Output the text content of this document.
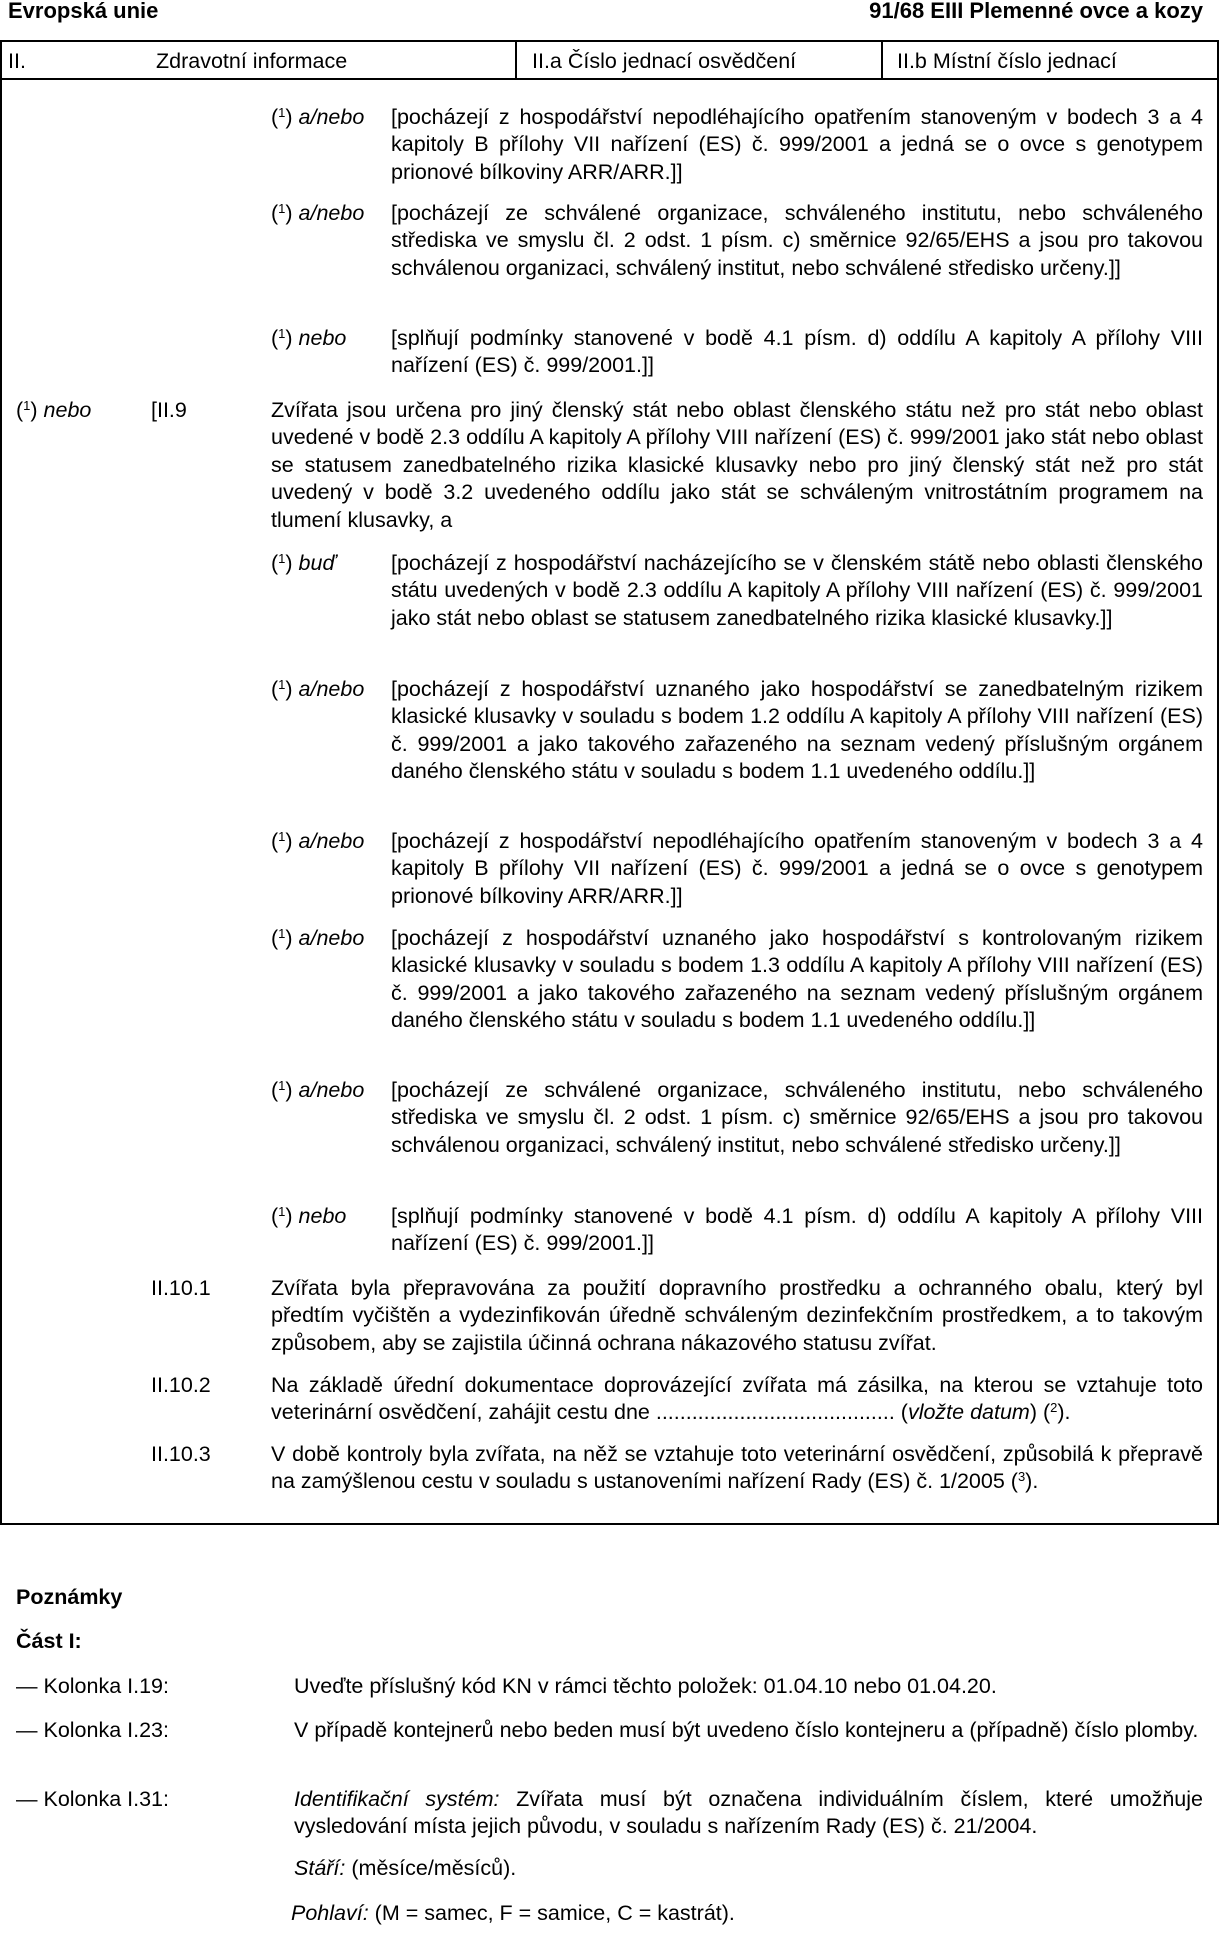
Evropská unie	91/68 EIII Plemenné ovce a kozy
II.	Zdravotní informace	II.a Číslo jednací osvědčení	II.b Místní číslo jednací
($^1$) a/nebo [pocházejí z hospodářství nepodléhajícího opatřením stanoveným v bodech 3 a 4 kapitoly B přílohy VII nařízení (ES) č. 999/2001 a jedná se o ovce s genotypem prionové bílkoviny ARR/ARR.]]
($^1$) a/nebo [pocházejí ze schválené organizace, schváleného institutu, nebo schváleného střediska ve smyslu čl. 2 odst. 1 písm. c) směrnice 92/65/EHS a jsou pro takovou schválenou organizaci, schválený institut, nebo schválené středisko určeny.]]
($^1$) nebo [splňují podmínky stanovené v bodě 4.1 písm. d) oddílu A kapitoly A přílohy VIII nařízení (ES) č. 999/2001.]]
($^1$) nebo	[II.9	Zvířata jsou určena pro jiný členský stát nebo oblast členského státu než pro stát nebo oblast uvedené v bodě 2.3 oddílu A kapitoly A přílohy VIII nařízení (ES) č. 999/2001 jako stát nebo oblast se statusem zanedbatelného rizika klasické klusavky nebo pro jiný členský stát než pro stát uvedený v bodě 3.2 uvedeného oddílu jako stát se schváleným vnitrostátním programem na tlumení klusavky, a
($^1$) buď	[pocházejí z hospodářství nacházejícího se v členském státě nebo oblasti členského státu uvedených v bodě 2.3 oddílu A kapitoly A přílohy VIII nařízení (ES) č. 999/2001 jako stát nebo oblast se statusem zanedbatelného rizika klasické klusavky.]]
($^1$) a/nebo [pocházejí z hospodářství uznaného jako hospodářství se zanedbatelným rizikem klasické klusavky v souladu s bodem 1.2 oddílu A kapitoly A přílohy VIII nařízení (ES) č. 999/2001 a jako takového zařazeného na seznam vedený příslušným orgánem daného členského státu v souladu s bodem 1.1 uvedeného oddílu.]]
($^1$) a/nebo [pocházejí z hospodářství nepodléhajícího opatřením stanoveným v bodech 3 a 4 kapitoly B přílohy VII nařízení (ES) č. 999/2001 a jedná se o ovce s genotypem prionové bílkoviny ARR/ARR.]]
($^1$) a/nebo [pocházejí z hospodářství uznaného jako hospodářství s kontrolovaným rizikem klasické klusavky v souladu s bodem 1.3 oddílu A kapitoly A přílohy VIII nařízení (ES) č. 999/2001 a jako takového zařazeného na seznam vedený příslušným orgánem daného členského státu v souladu s bodem 1.1 uvedeného oddílu.]]
($^1$) a/nebo [pocházejí ze schválené organizace, schváleného institutu, nebo schváleného střediska ve smyslu čl. 2 odst. 1 písm. c) směrnice 92/65/EHS a jsou pro takovou schválenou organizaci, schválený institut, nebo schválené středisko určeny.]]
($^1$) nebo [splňují podmínky stanovené v bodě 4.1 písm. d) oddílu A kapitoly A přílohy VIII nařízení (ES) č. 999/2001.]]
II.10.1	Zvířata byla přepravována za použití dopravního prostředku a ochranného obalu, který byl předtím vyčištěn a vydezinfikován úředně schváleným dezinfekčním prostředkem, a to takovým způsobem, aby se zajistila účinná ochrana nákazového statusu zvířat.
II.10.2	Na základě úřední dokumentace doprovázející zvířata má zásilka, na kterou se vztahuje toto veterinární osvědčení, zahájit cestu dne ........................................ (vložte datum) ($^2$).
II.10.3	V době kontroly byla zvířata, na něž se vztahuje toto veterinární osvědčení, způsobilá k přepravě na zamýšlenou cestu v souladu s ustanoveními nařízení Rady (ES) č. 1/2005 ($^3$).
Poznámky
Část I:
— Kolonka I.19:	Uveďte příslušný kód KN v rámci těchto položek: 01.04.10 nebo 01.04.20.
— Kolonka I.23:	V případě kontejnerů nebo beden musí být uvedeno číslo kontejneru a (případně) číslo plomby.
— Kolonka I.31:	Identifikační systém: Zvířata musí být označena individuálním číslem, které umožňuje vysledování místa jejich původu, v souladu s nařízením Rady (ES) č. 21/2004.
Stáří: (měsíce/měsíců).
Pohlaví: (M = samec, F = samice, C = kastrát).
